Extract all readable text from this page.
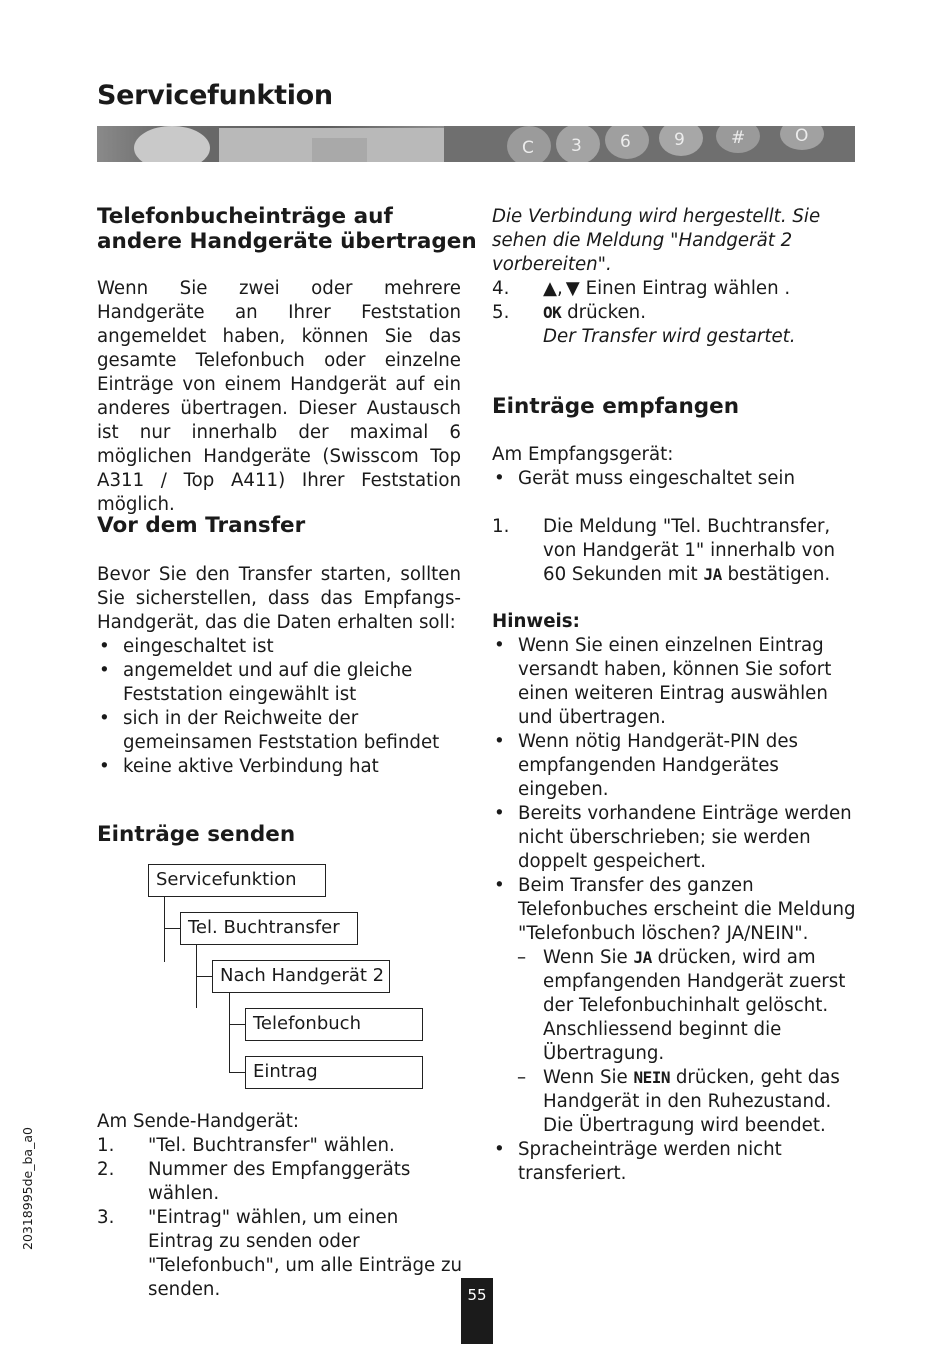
Servicefunktion
C 3 6	9	#	O
Telefonbucheinträge auf andere Handgeräte übertragen
Wenn Sie zwei oder mehrere Handgeräte an Ihrer Feststation angemeldet haben, können Sie das gesamte Telefonbuch oder einzelne Einträge von einem Handgerät auf ein anderes übertragen. Dieser Austausch ist nur innerhalb der maximal 6 möglichen Handgeräte (Swisscom Top A311 / Top A411) Ihrer Feststation möglich.
Vor dem Transfer
Bevor Sie den Transfer starten, sollten Sie sicherstellen, dass das Empfangs-Handgerät, das die Daten erhalten soll:
• eingeschaltet ist
• angemeldet und auf die gleiche Feststation eingewählt ist
• sich in der Reichweite der gemeinsamen Feststation befindet
• keine aktive Verbindung hat
Einträge senden
Servicefunktion
Tel. Buchtransfer
Nach Handgerät 2
Telefonbuch
Eintrag
Am Sende-Handgerät:
1. "Tel. Buchtransfer" wählen.
2. Nummer des Empfanggeräts wählen.
3. "Eintrag" wählen, um einen Eintrag zu senden oder "Telefonbuch", um alle Einträge zu senden.
Die Verbindung wird hergestellt. Sie sehen die Meldung "Handgerät 2 vorbereiten".
4. ▲, ▼ Einen Eintrag wählen .
5. OK drücken.
Der Transfer wird gestartet.
Einträge empfangen
Am Empfangsgerät:
• Gerät muss eingeschaltet sein
1. Die Meldung "Tel. Buchtransfer, von Handgerät 1" innerhalb von 60 Sekunden mit JA bestätigen.
Hinweis:
• Wenn Sie einen einzelnen Eintrag versandt haben, können Sie sofort einen weiteren Eintrag auswählen und übertragen.
• Wenn nötig Handgerät-PIN des empfangenden Handgerätes eingeben.
• Bereits vorhandene Einträge werden nicht überschrieben; sie werden doppelt gespeichert.
• Beim Transfer des ganzen Telefonbuches erscheint die Meldung "Telefonbuch löschen? JA/NEIN".
– Wenn Sie JA drücken, wird am empfangenden Handgerät zuerst der Telefonbuchinhalt gelöscht. Anschliessend beginnt die Übertragung.
– Wenn Sie NEIN drücken, geht das Handgerät in den Ruhezustand. Die Übertragung wird beendet.
• Spracheinträge werden nicht transferiert.
20318995de_ba_a0
55
